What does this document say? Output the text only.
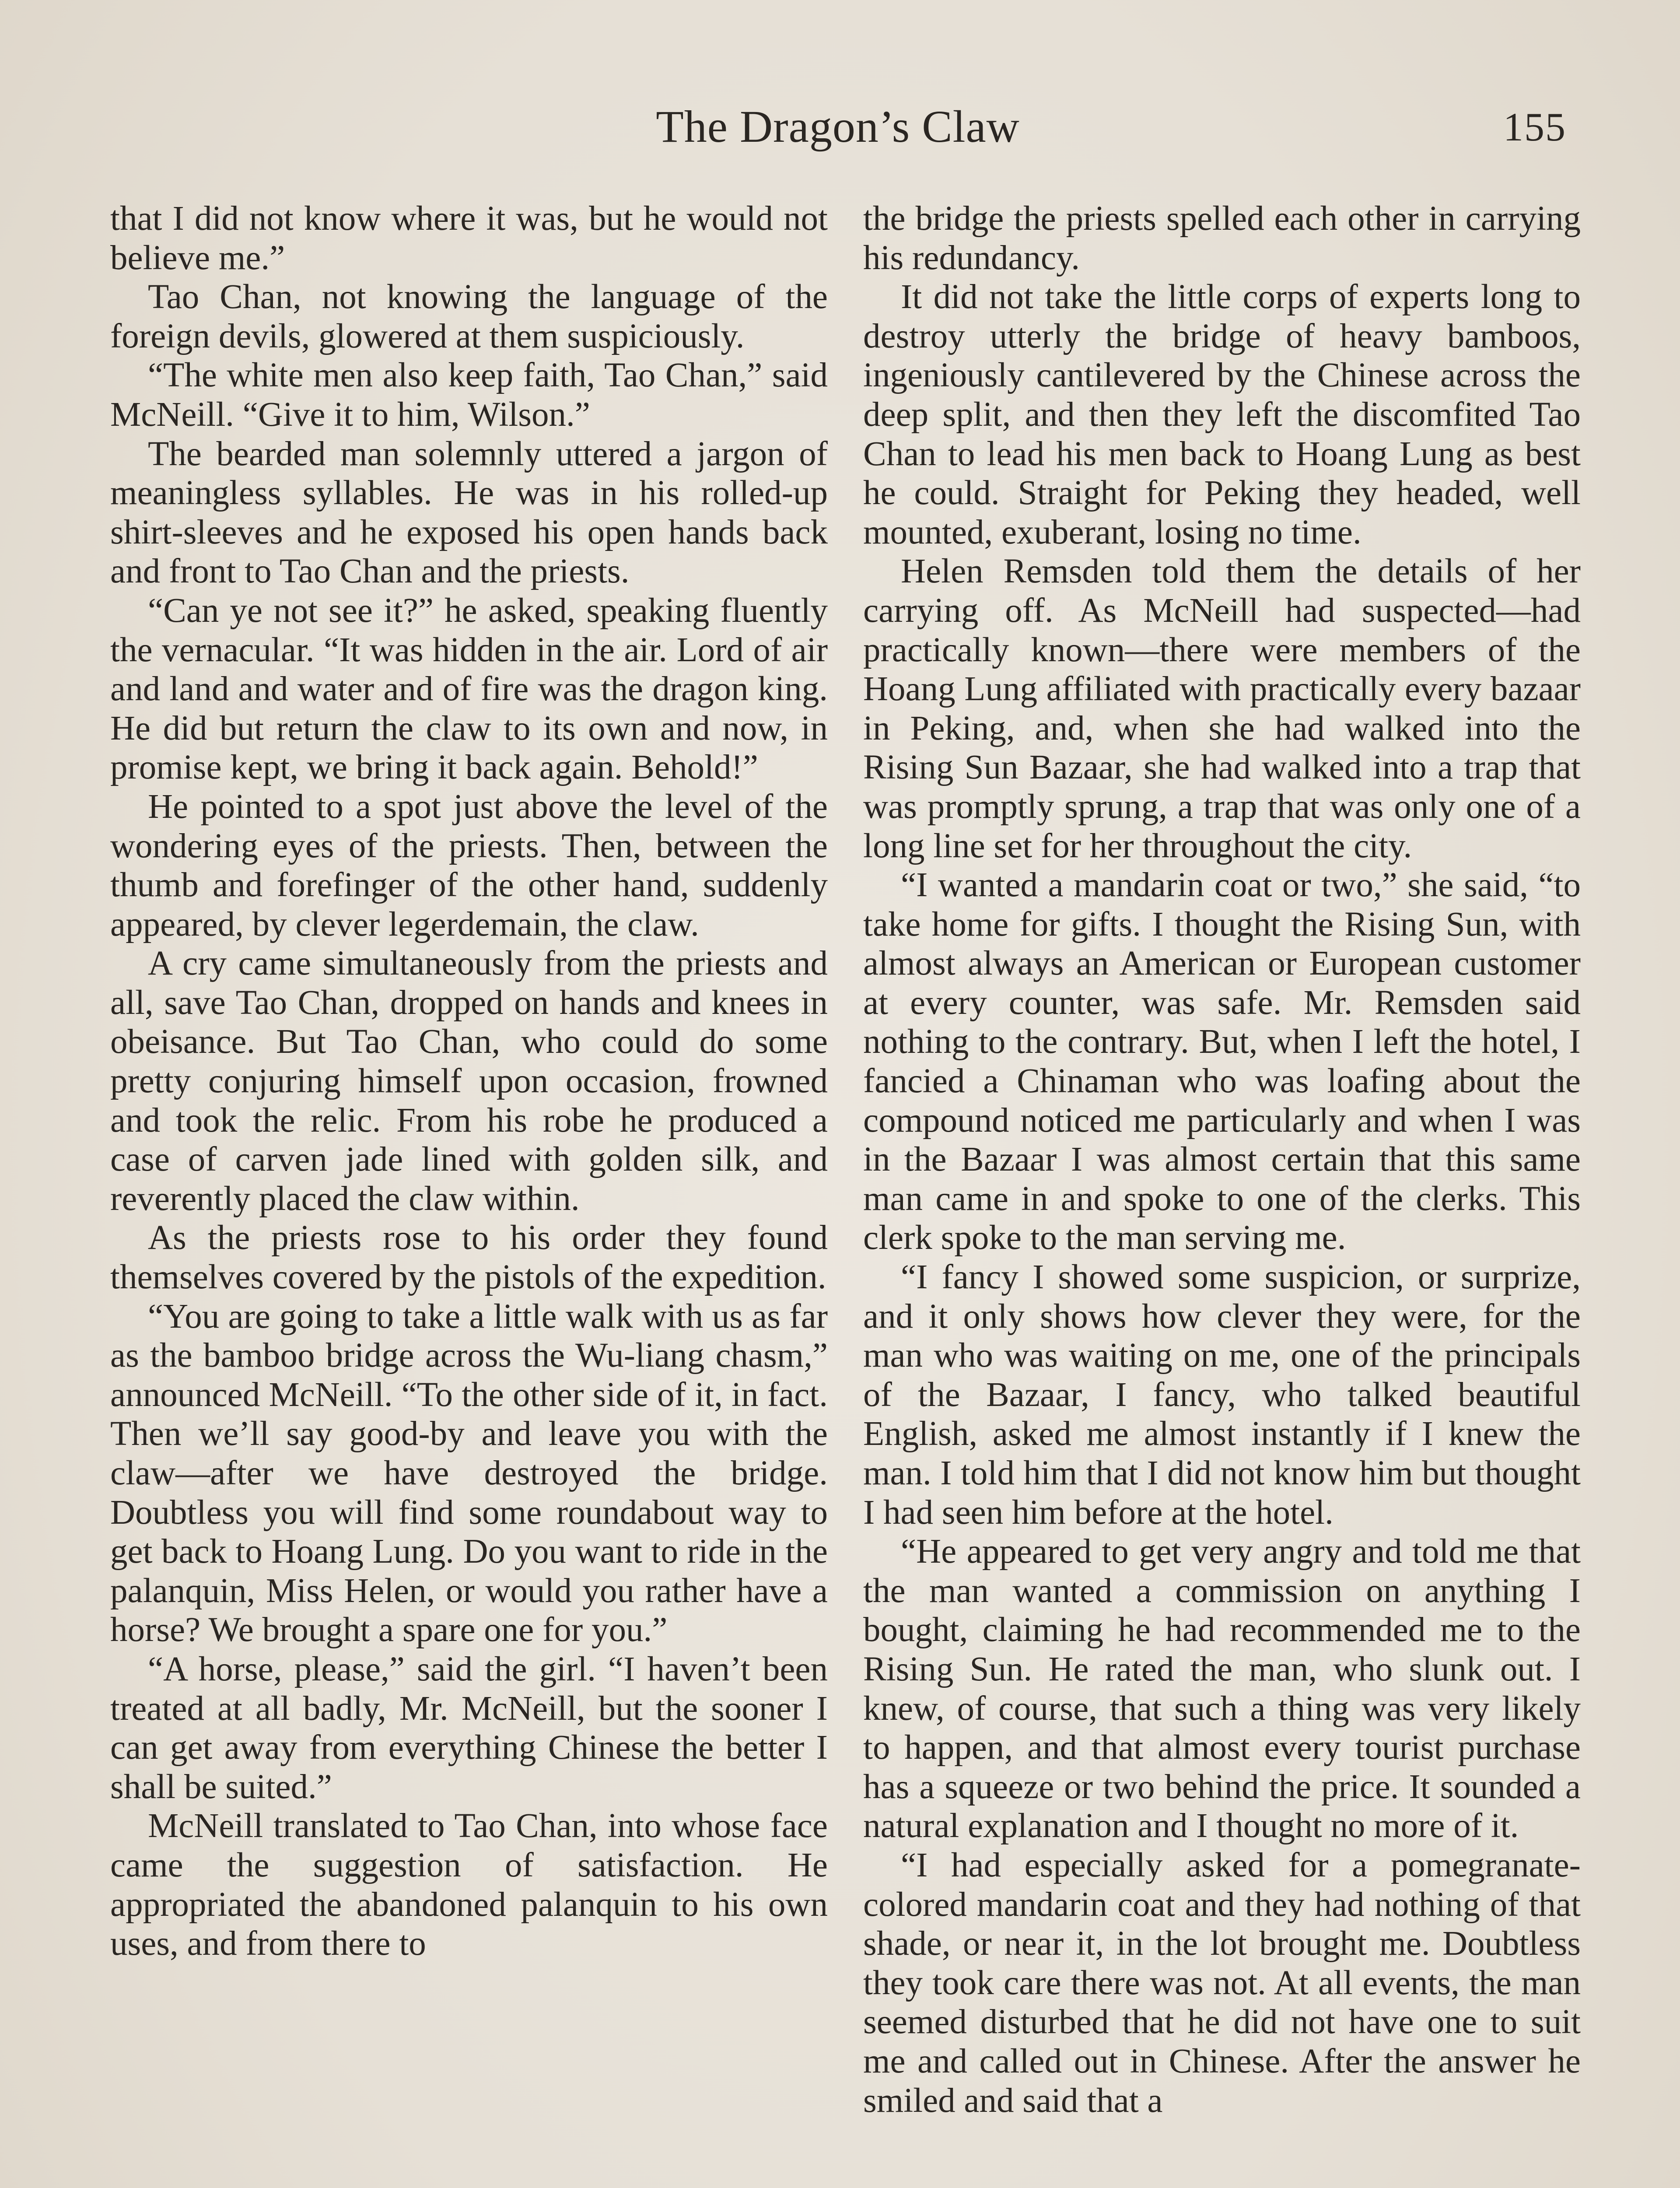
The Dragon’s Claw	155

that I did not know where it was, but he would not believe me.”

Tao Chan, not knowing the language of the foreign devils, glowered at them suspiciously.

“The white men also keep faith, Tao Chan,” said McNeill. “Give it to him, Wilson.”

The bearded man solemnly uttered a jargon of meaningless syllables. He was in his rolled-up shirt-sleeves and he exposed his open hands back and front to Tao Chan and the priests.

“Can ye not see it?” he asked, speaking fluently the vernacular. “It was hidden in the air. Lord of air and land and water and of fire was the dragon king. He did but return the claw to its own and now, in promise kept, we bring it back again. Behold!”

He pointed to a spot just above the level of the wondering eyes of the priests. Then, between the thumb and forefinger of the other hand, suddenly appeared, by clever legerdemain, the claw.

A cry came simultaneously from the priests and all, save Tao Chan, dropped on hands and knees in obeisance. But Tao Chan, who could do some pretty conjuring himself upon occasion, frowned and took the relic. From his robe he produced a case of carven jade lined with golden silk, and reverently placed the claw within.

As the priests rose to his order they found themselves covered by the pistols of the expedition.

“You are going to take a little walk with us as far as the bamboo bridge across the Wu-liang chasm,” announced McNeill. “To the other side of it, in fact. Then we’ll say good-by and leave you with the claw—after we have destroyed the bridge. Doubtless you will find some roundabout way to get back to Hoang Lung. Do you want to ride in the palanquin, Miss Helen, or would you rather have a horse? We brought a spare one for you.”

“A horse, please,” said the girl. “I haven’t been treated at all badly, Mr. McNeill, but the sooner I can get away from everything Chinese the better I shall be suited.”

McNeill translated to Tao Chan, into whose face came the suggestion of satisfaction. He appropriated the abandoned palanquin to his own uses, and from there to

the bridge the priests spelled each other in carrying his redundancy.

It did not take the little corps of experts long to destroy utterly the bridge of heavy bamboos, ingeniously cantilevered by the Chinese across the deep split, and then they left the discomfited Tao Chan to lead his men back to Hoang Lung as best he could. Straight for Peking they headed, well mounted, exuberant, losing no time.

Helen Remsden told them the details of her carrying off. As McNeill had suspected—had practically known—there were members of the Hoang Lung affiliated with practically every bazaar in Peking, and, when she had walked into the Rising Sun Bazaar, she had walked into a trap that was promptly sprung, a trap that was only one of a long line set for her throughout the city.

“I wanted a mandarin coat or two,” she said, “to take home for gifts. I thought the Rising Sun, with almost always an American or European customer at every counter, was safe. Mr. Remsden said nothing to the contrary. But, when I left the hotel, I fancied a Chinaman who was loafing about the compound noticed me particularly and when I was in the Bazaar I was almost certain that this same man came in and spoke to one of the clerks. This clerk spoke to the man serving me.

“I fancy I showed some suspicion, or surprize, and it only shows how clever they were, for the man who was waiting on me, one of the principals of the Bazaar, I fancy, who talked beautiful English, asked me almost instantly if I knew the man. I told him that I did not know him but thought I had seen him before at the hotel.

“He appeared to get very angry and told me that the man wanted a commission on anything I bought, claiming he had recommended me to the Rising Sun. He rated the man, who slunk out. I knew, of course, that such a thing was very likely to happen, and that almost every tourist purchase has a squeeze or two behind the price. It sounded a natural explanation and I thought no more of it.

“I had especially asked for a pomegranate-colored mandarin coat and they had nothing of that shade, or near it, in the lot brought me. Doubtless they took care there was not. At all events, the man seemed disturbed that he did not have one to suit me and called out in Chinese. After the answer he smiled and said that a
